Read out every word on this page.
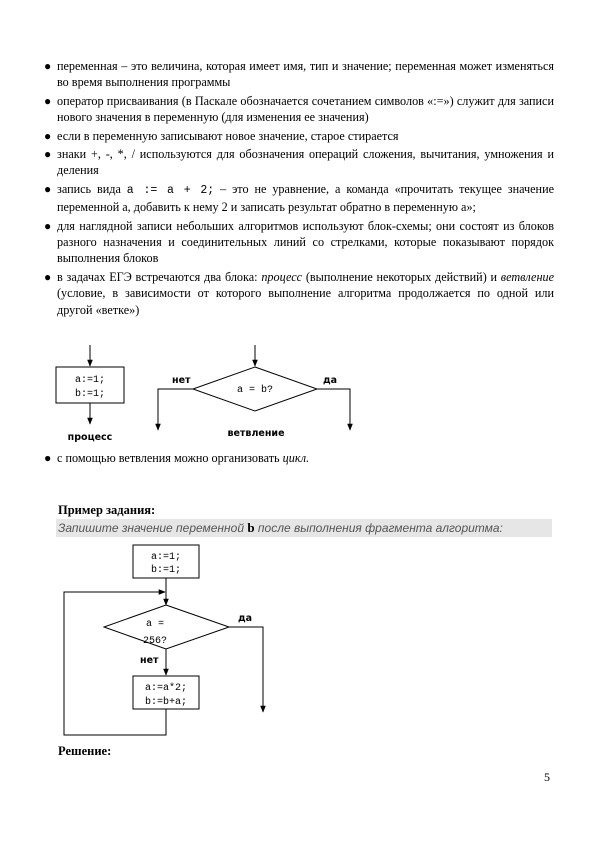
● переменная – это величина, которая имеет имя, тип и значение; переменная может изменяться во время выполнения программы
● оператор присваивания (в Паскале обозначается сочетанием символов «:=») служит для записи нового значения в переменную (для изменения ее значения)
● если в переменную записывают новое значение, старое стирается
● знаки +, -, *, / используются для обозначения операций сложения, вычитания, умножения и деления
● запись вида a := a + 2; – это не уравнение, а команда «прочитать текущее значение переменной а, добавить к нему 2 и записать результат обратно в переменную а»;
● для наглядной записи небольших алгоритмов используют блок-схемы; они состоят из блоков разного назначения и соединительных линий со стрелками, которые показывают порядок выполнения блоков
● в задачах ЕГЭ встречаются два блока: процесс (выполнение некоторых действий) и ветвление (условие, в зависимости от которого выполнение алгоритма продолжается по одной или другой «ветке»)
a:=1;
b:=1;
процесс
a = b?
нет	да
ветвление
a:=1;
b:=1;
a =
256?
да
нет
a:=a*2;
b:=b+a;
● с помощью ветвления можно организовать цикл.

Пример задания:

Запишите значение переменной b после выполнения фрагмента алгоритма:

Решение:

5
